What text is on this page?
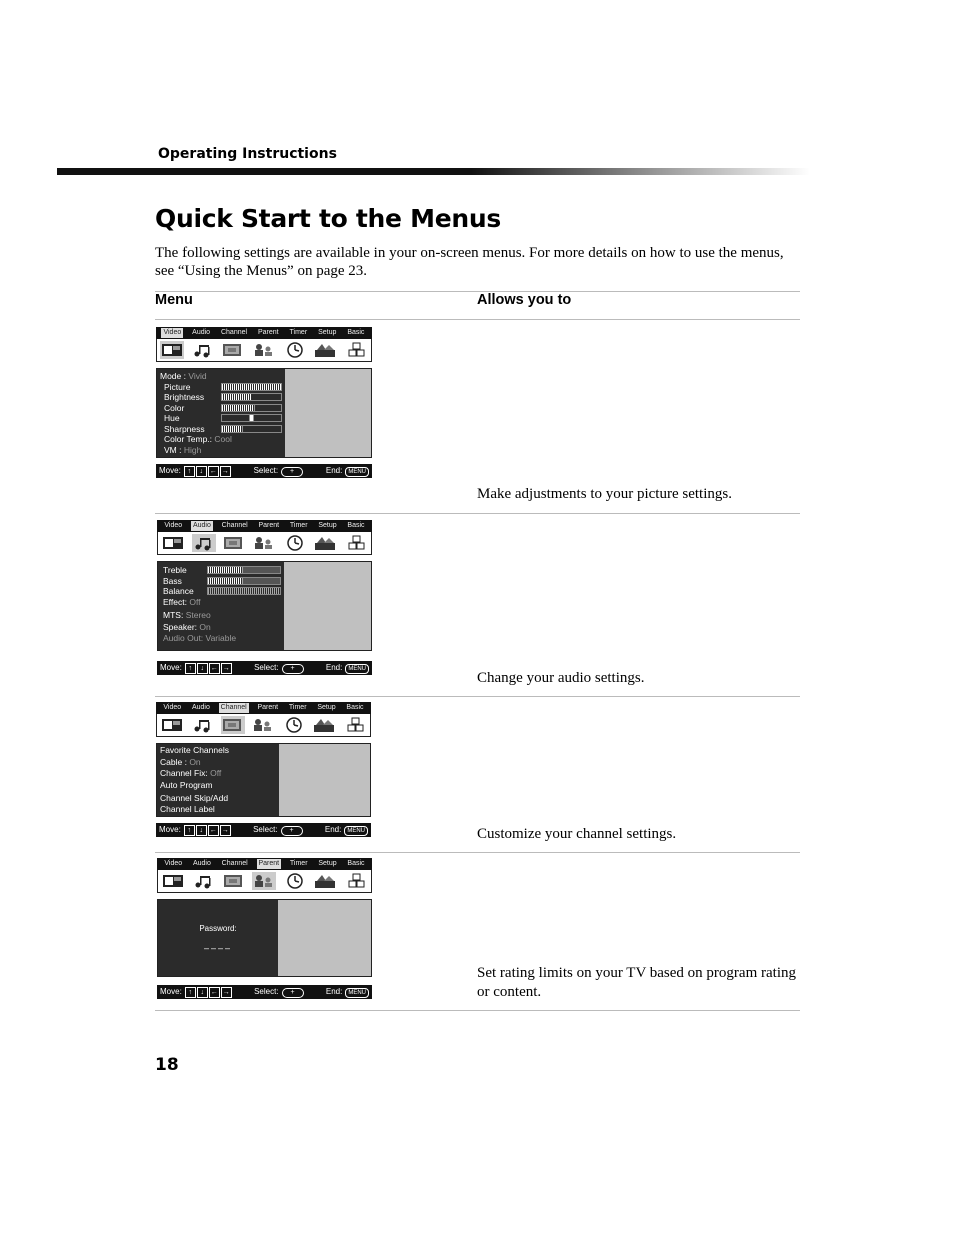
Operating Instructions
Quick Start to the Menus
The following settings are available in your on-screen menus. For more details on how to use the menus, see “Using the Menus” on page 23.
Menu	Allows you to
Video Audio Channel Parent Timer Setup Basic
Mode :
Vivid
Picture
Brightness
Color
Hue
Sharpness
Color Temp.:
Cool
VM :
High
Move: ↑	↓ ← →	Select: +	End: MENU
Make adjustments to your picture settings.
Video Audio Channel Parent Timer Setup Basic
Treble
Bass
Balance
Effect:
Off
MTS:
Stereo
Speaker:
On
Audio Out: Variable
Move: ↑	↓ ← →	Select: +	End: MENU
Change your audio settings.
Video Audio Channel Parent Timer Setup Basic
Favorite Channels
Cable :
On
Channel Fix:
Off
Auto Program
Channel Skip/Add
Channel Label
Move: ↑	↓ ← →	Select: +	End: MENU	Customize your channel settings.
Video Audio Channel Parent Timer Setup Basic
Password:
––––
Move: ↑	↓ ← →	Select: +	End: MENU
Set rating limits on your TV based on program rating or content.
18
